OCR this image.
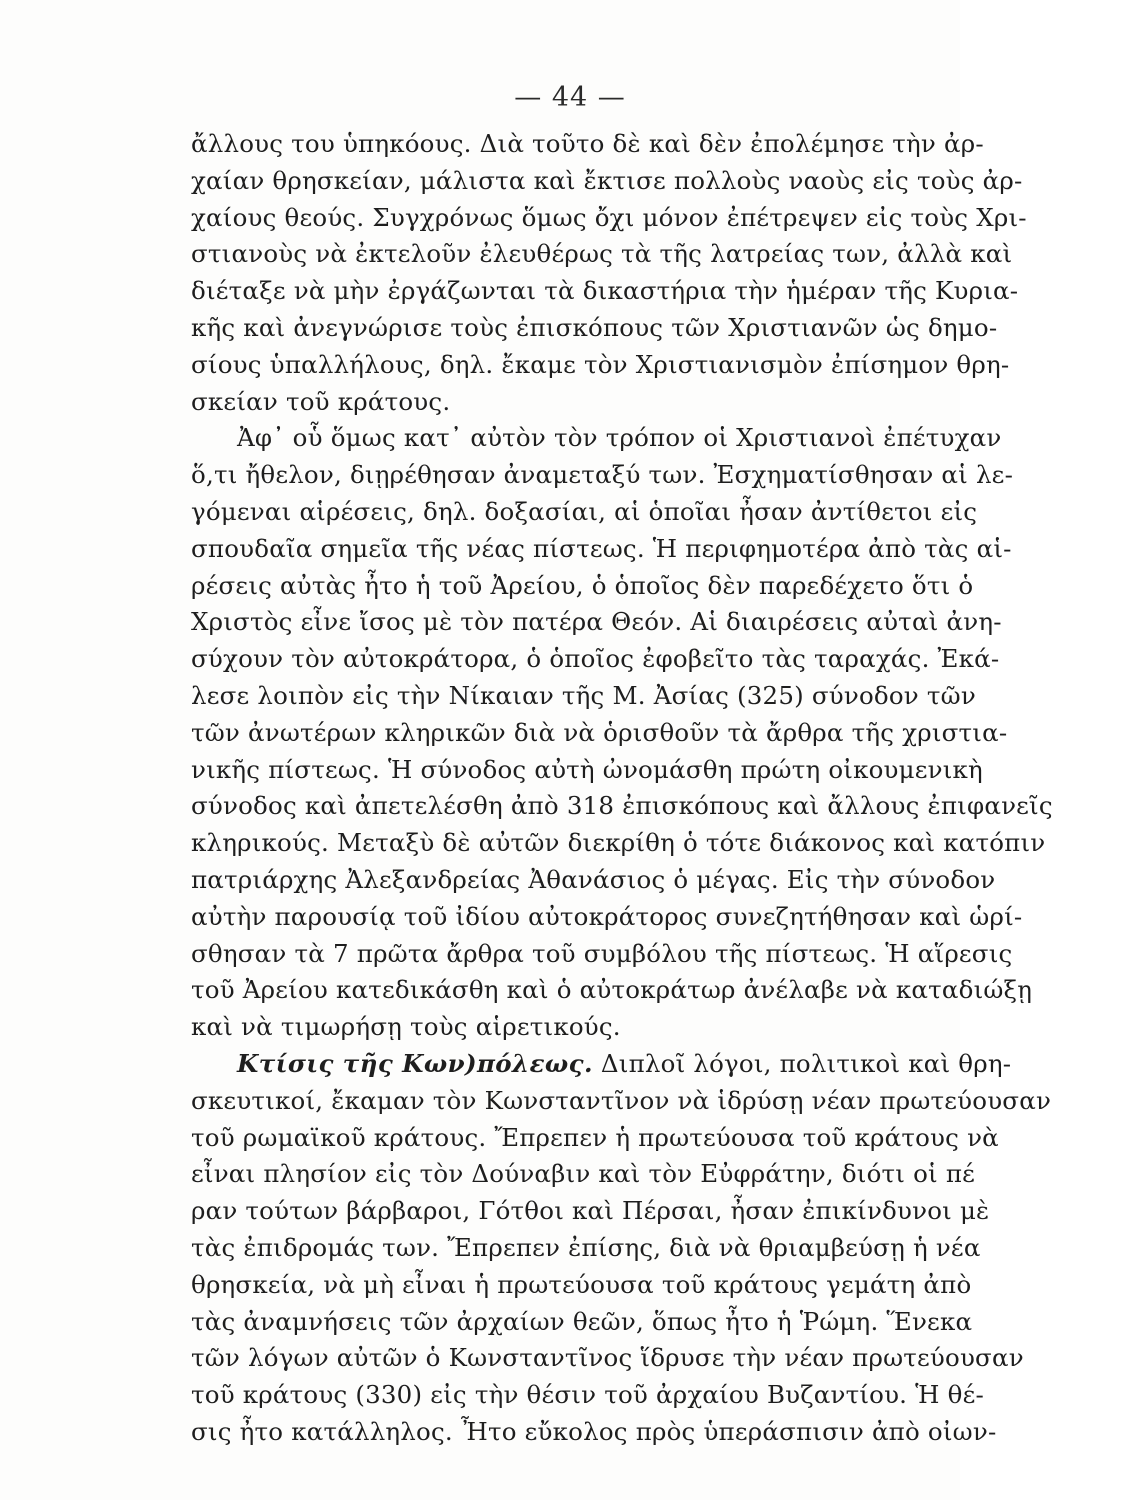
— 44 —
ἄλλους του ὑπηκόους. Διὰ τοῦτο δὲ καὶ δὲν ἐπολέμησε τὴν ἀρ-
χαίαν θρησκείαν, μάλιστα καὶ ἔκτισε πολλοὺς ναοὺς εἰς τοὺς ἀρ-
χαίους θεούς. Συγχρόνως ὅμως ὄχι μόνον ἐπέτρεψεν εἰς τοὺς Χρι-
στιανοὺς νὰ ἐκτελοῦν ἐλευθέρως τὰ τῆς λατρείας των, ἀλλὰ καὶ
διέταξε νὰ μὴν ἐργάζωνται τὰ δικαστήρια τὴν ἡμέραν τῆς Κυρια-
κῆς καὶ ἀνεγνώρισε τοὺς ἐπισκόπους τῶν Χριστιανῶν ὡς δημο-
σίους ὑπαλλήλους, δηλ. ἔκαμε τὸν Χριστιανισμὸν ἐπίσημον θρη-
σκείαν τοῦ κράτους.
Ἀφ᾽ οὗ ὅμως κατ᾽ αὐτὸν τὸν τρόπον οἱ Χριστιανοὶ ἐπέτυχαν
ὅ,τι ἤθελον, διῃρέθησαν ἀναμεταξύ των. Ἐσχηματίσθησαν αἱ λε-
γόμεναι αἱρέσεις, δηλ. δοξασίαι, αἱ ὁποῖαι ἦσαν ἀντίθετοι εἰς
σπουδαῖα σημεῖα τῆς νέας πίστεως. Ἡ περιφημοτέρα ἀπὸ τὰς αἱ-
ρέσεις αὐτὰς ἦτο ἡ τοῦ Ἀρείου, ὁ ὁποῖος δὲν παρεδέχετο ὅτι ὁ
Χριστὸς εἶνε ἴσος μὲ τὸν πατέρα Θεόν. Αἱ διαιρέσεις αὐταὶ ἀνη-
σύχουν τὸν αὐτοκράτορα, ὁ ὁποῖος ἐφοβεῖτο τὰς ταραχάς. Ἐκά-
λεσε λοιπὸν εἰς τὴν Νίκαιαν τῆς Μ. Ἀσίας (325) σύνοδον τῶν
τῶν ἀνωτέρων κληρικῶν διὰ νὰ ὁρισθοῦν τὰ ἄρθρα τῆς χριστια-
νικῆς πίστεως. Ἡ σύνοδος αὐτὴ ὠνομάσθη πρώτη οἰκουμενικὴ
σύνοδος καὶ ἀπετελέσθη ἀπὸ 318 ἐπισκόπους καὶ ἄλλους ἐπιφανεῖς
κληρικούς. Μεταξὺ δὲ αὐτῶν διεκρίθη ὁ τότε διάκονος καὶ κατόπιν
πατριάρχης Ἀλεξανδρείας Ἀθανάσιος ὁ μέγας. Εἰς τὴν σύνοδον
αὐτὴν παρουσίᾳ τοῦ ἰδίου αὐτοκράτορος συνεζητήθησαν καὶ ὡρί-
σθησαν τὰ 7 πρῶτα ἄρθρα τοῦ συμβόλου τῆς πίστεως. Ἡ αἵρεσις
τοῦ Ἀρείου κατεδικάσθη καὶ ὁ αὐτοκράτωρ ἀνέλαβε νὰ καταδιώξῃ
καὶ νὰ τιμωρήσῃ τοὺς αἱρετικούς.
Κτίσις τῆς Κων)πόλεως. Διπλοῖ λόγοι, πολιτικοὶ καὶ θρη-
σκευτικοί, ἔκαμαν τὸν Κωνσταντῖνον νὰ ἱδρύσῃ νέαν πρωτεύουσαν
τοῦ ρωμαϊκοῦ κράτους. Ἔπρεπεν ἡ πρωτεύουσα τοῦ κράτους νὰ
εἶναι πλησίον εἰς τὸν Δούναβιν καὶ τὸν Εὐφράτην, διότι οἱ πέ
ραν τούτων βάρβαροι, Γότθοι καὶ Πέρσαι, ἦσαν ἐπικίνδυνοι μὲ
τὰς ἐπιδρομάς των. Ἔπρεπεν ἐπίσης, διὰ νὰ θριαμβεύσῃ ἡ νέα
θρησκεία, νὰ μὴ εἶναι ἡ πρωτεύουσα τοῦ κράτους γεμάτη ἀπὸ
τὰς ἀναμνήσεις τῶν ἀρχαίων θεῶν, ὅπως ἦτο ἡ Ῥώμη. Ἕνεκα
τῶν λόγων αὐτῶν ὁ Κωνσταντῖνος ἵδρυσε τὴν νέαν πρωτεύουσαν
τοῦ κράτους (330) εἰς τὴν θέσιν τοῦ ἀρχαίου Βυζαντίου. Ἡ θέ-
σις ἦτο κατάλληλος. Ἦτο εὔκολος πρὸς ὑπεράσπισιν ἀπὸ οἰων-
